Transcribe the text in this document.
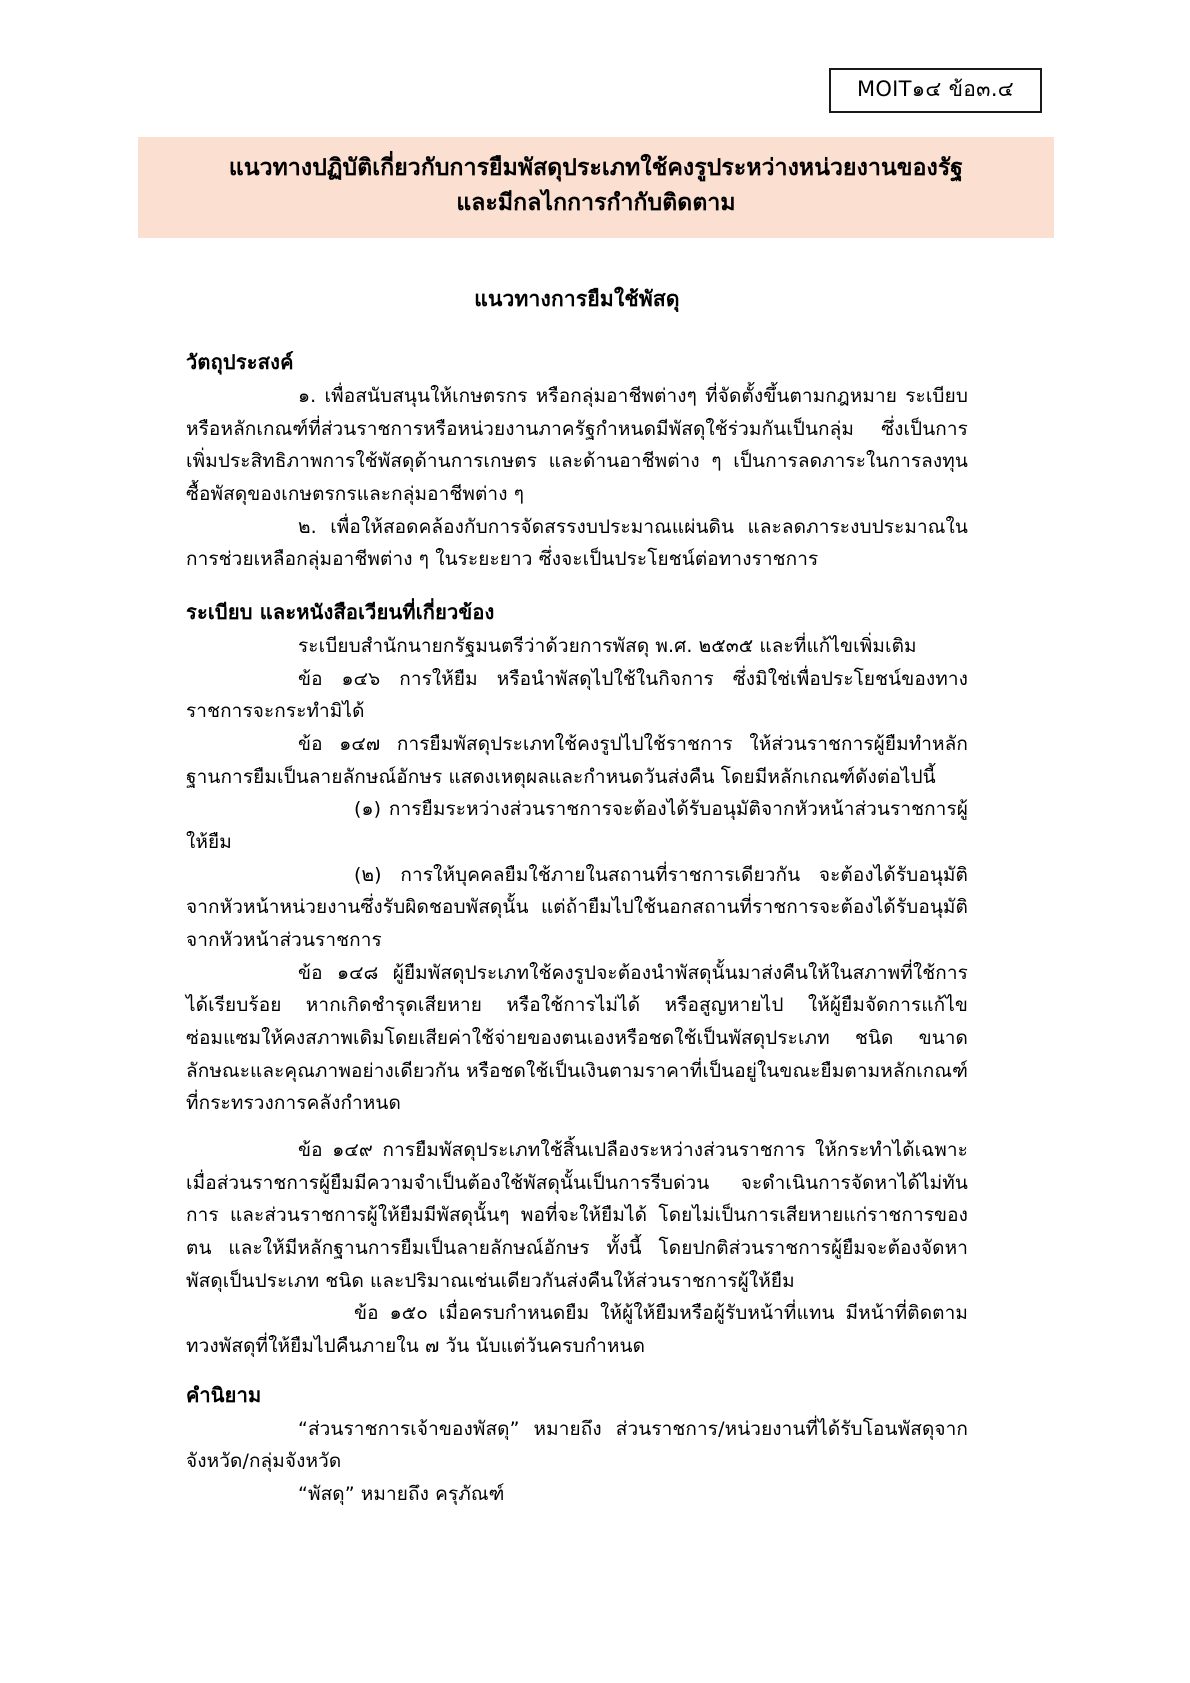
MOIT๑๔ ข้อ๓.๔
แนวทางปฏิบัติเกี่ยวกับการยืมพัสดุประเภทใช้คงรูประหว่างหน่วยงานของรัฐ
และมีกลไกการกำกับติดตาม
แนวทางการยืมใช้พัสดุ
วัตถุประสงค์

๑. เพื่อสนับสนุนให้เกษตรกร หรือกลุ่มอาชีพต่างๆ ที่จัดตั้งขึ้นตามกฎหมาย ระเบียบ หรือหลักเกณฑ์ที่ส่วนราชการหรือหน่วยงานภาครัฐกำหนดมีพัสดุใช้ร่วมกันเป็นกลุ่ม ซึ่งเป็นการเพิ่มประสิทธิภาพการใช้พัสดุด้านการเกษตร และด้านอาชีพต่าง ๆ เป็นการลดภาระในการลงทุนซื้อพัสดุของเกษตรกรและกลุ่มอาชีพต่าง ๆ

๒. เพื่อให้สอดคล้องกับการจัดสรรงบประมาณแผ่นดิน และลดภาระงบประมาณในการช่วยเหลือกลุ่มอาชีพต่าง ๆ ในระยะยาว ซึ่งจะเป็นประโยชน์ต่อทางราชการ

ระเบียบ และหนังสือเวียนที่เกี่ยวข้อง

ระเบียบสำนักนายกรัฐมนตรีว่าด้วยการพัสดุ พ.ศ. ๒๕๓๕ และที่แก้ไขเพิ่มเติม

ข้อ ๑๔๖ การให้ยืม หรือนำพัสดุไปใช้ในกิจการ ซึ่งมิใช่เพื่อประโยชน์ของทางราชการจะกระทำมิได้

ข้อ ๑๔๗ การยืมพัสดุประเภทใช้คงรูปไปใช้ราชการ ให้ส่วนราชการผู้ยืมทำหลักฐานการยืมเป็นลายลักษณ์อักษร แสดงเหตุผลและกำหนดวันส่งคืน โดยมีหลักเกณฑ์ดังต่อไปนี้

(๑) การยืมระหว่างส่วนราชการจะต้องได้รับอนุมัติจากหัวหน้าส่วนราชการผู้ให้ยืม

(๒) การให้บุคคลยืมใช้ภายในสถานที่ราชการเดียวกัน จะต้องได้รับอนุมัติจากหัวหน้าหน่วยงานซึ่งรับผิดชอบพัสดุนั้น แต่ถ้ายืมไปใช้นอกสถานที่ราชการจะต้องได้รับอนุมัติจากหัวหน้าส่วนราชการ

ข้อ ๑๔๘ ผู้ยืมพัสดุประเภทใช้คงรูปจะต้องนำพัสดุนั้นมาส่งคืนให้ในสภาพที่ใช้การได้เรียบร้อย หากเกิดชำรุดเสียหาย หรือใช้การไม่ได้ หรือสูญหายไป ให้ผู้ยืมจัดการแก้ไขซ่อมแซมให้คงสภาพเดิมโดยเสียค่าใช้จ่ายของตนเองหรือชดใช้เป็นพัสดุประเภท ชนิด ขนาด ลักษณะและคุณภาพอย่างเดียวกัน หรือชดใช้เป็นเงินตามราคาที่เป็นอยู่ในขณะยืมตามหลักเกณฑ์ที่กระทรวงการคลังกำหนด

ข้อ ๑๔๙ การยืมพัสดุประเภทใช้สิ้นเปลืองระหว่างส่วนราชการ ให้กระทำได้เฉพาะเมื่อส่วนราชการผู้ยืมมีความจำเป็นต้องใช้พัสดุนั้นเป็นการรีบด่วน จะดำเนินการจัดหาได้ไม่ทันการ และส่วนราชการผู้ให้ยืมมีพัสดุนั้นๆ พอที่จะให้ยืมได้ โดยไม่เป็นการเสียหายแก่ราชการของตน และให้มีหลักฐานการยืมเป็นลายลักษณ์อักษร ทั้งนี้ โดยปกติส่วนราชการผู้ยืมจะต้องจัดหาพัสดุเป็นประเภท ชนิด และปริมาณเช่นเดียวกันส่งคืนให้ส่วนราชการผู้ให้ยืม

ข้อ ๑๕๐ เมื่อครบกำหนดยืม ให้ผู้ให้ยืมหรือผู้รับหน้าที่แทน มีหน้าที่ติดตามทวงพัสดุที่ให้ยืมไปคืนภายใน ๗ วัน นับแต่วันครบกำหนด

คำนิยาม

“ส่วนราชการเจ้าของพัสดุ” หมายถึง ส่วนราชการ/หน่วยงานที่ได้รับโอนพัสดุจากจังหวัด/กลุ่มจังหวัด

“พัสดุ” หมายถึง ครุภัณฑ์
